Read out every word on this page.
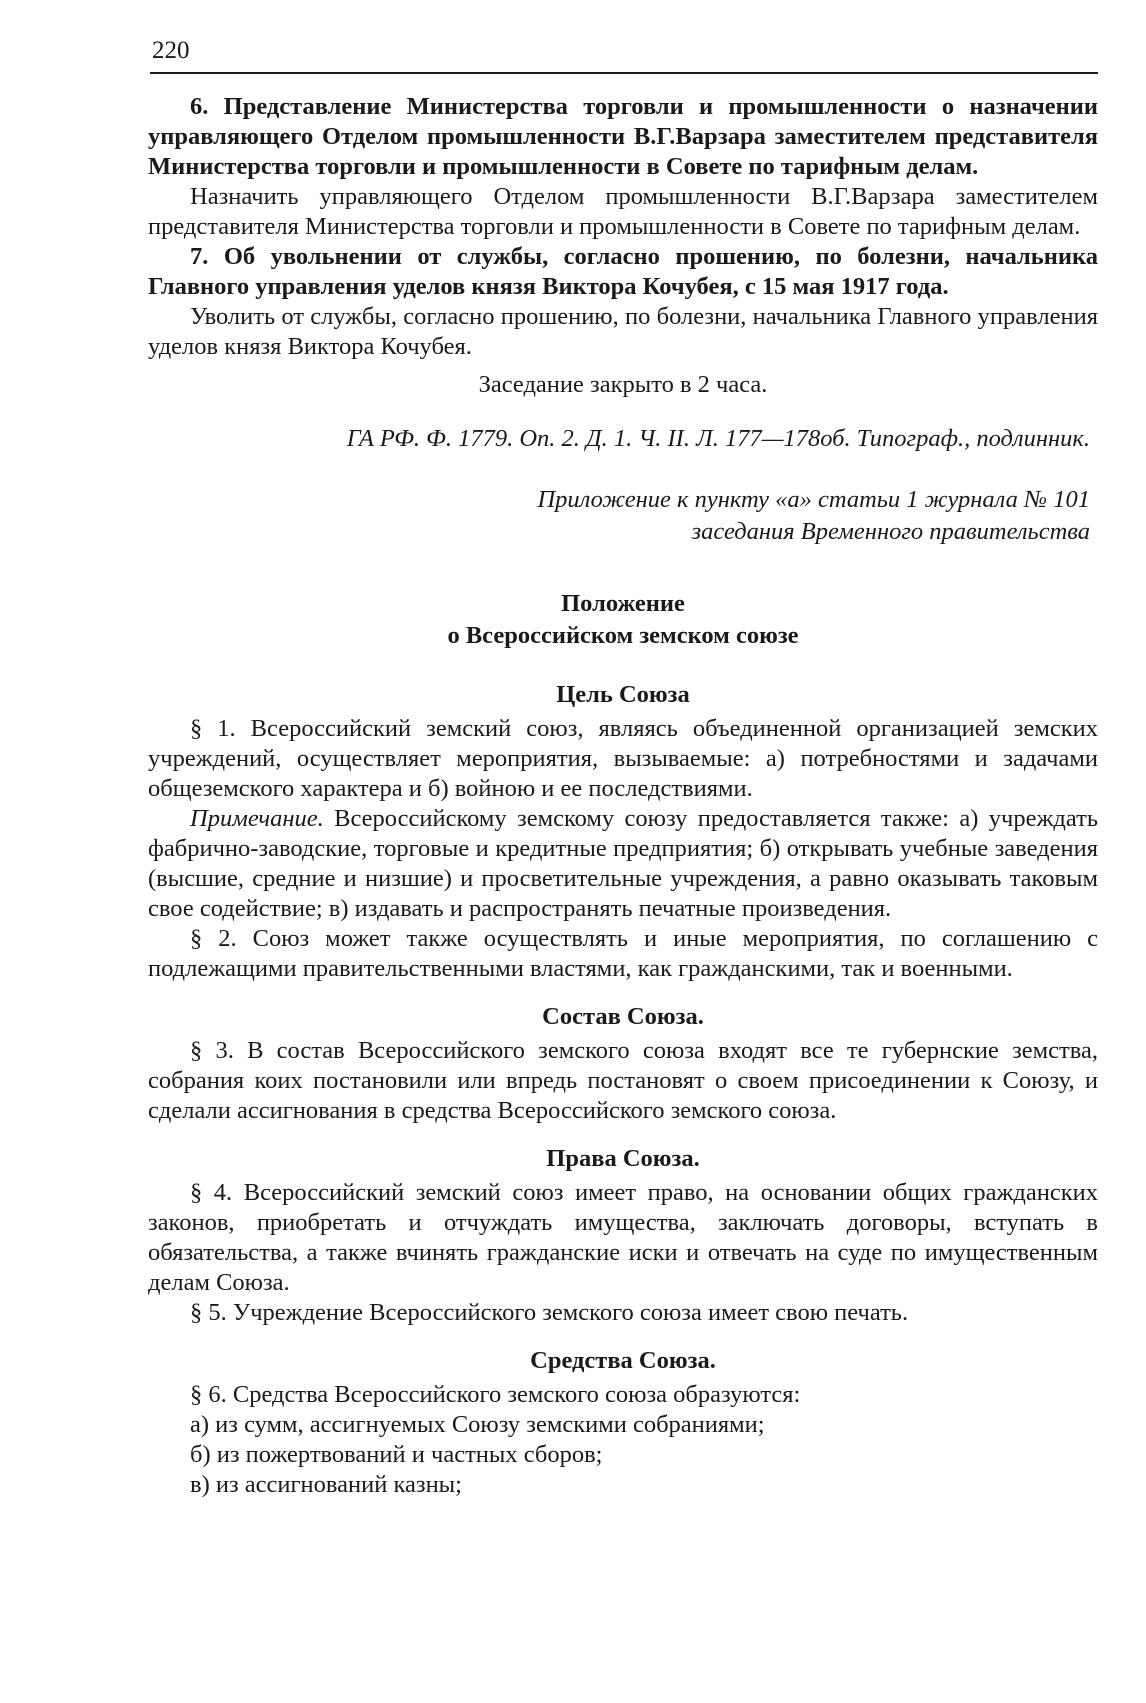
220

6. Представление Министерства торговли и промышленности о назначении управляющего Отделом промышленности В.Г.Варзара заместителем представителя Министерства торговли и промышленности в Совете по тарифным делам.

Назначить управляющего Отделом промышленности В.Г.Варзара заместителем представителя Министерства торговли и промышленности в Совете по тарифным делам.

7. Об увольнении от службы, согласно прошению, по болезни, начальника Главного управления уделов князя Виктора Кочубея, с 15 мая 1917 года.

Уволить от службы, согласно прошению, по болезни, начальника Главного управления уделов князя Виктора Кочубея.

Заседание закрыто в 2 часа.

ГА РФ. Ф. 1779. Оп. 2. Д. 1. Ч. II. Л. 177—178об. Типограф., подлинник.

Приложение к пункту «а» статьи 1 журнала № 101
заседания Временного правительства
Положение
о Всероссийском земском союзе

Цель Союза

§ 1. Всероссийский земский союз, являясь объединенной организацией земских учреждений, осуществляет мероприятия, вызываемые: а) потребностями и задачами общеземского характера и б) войною и ее последствиями.

Примечание. Всероссийскому земскому союзу предоставляется также: а) учреждать фабрично-заводские, торговые и кредитные предприятия; б) открывать учебные заведения (высшие, средние и низшие) и просветительные учреждения, а равно оказывать таковым свое содействие; в) издавать и распространять печатные произведения.

§ 2. Союз может также осуществлять и иные мероприятия, по соглашению с подлежащими правительственными властями, как гражданскими, так и военными.

Состав Союза.

§ 3. В состав Всероссийского земского союза входят все те губернские земства, собрания коих постановили или впредь постановят о своем присоединении к Союзу, и сделали ассигнования в средства Всероссийского земского союза.

Права Союза.

§ 4. Всероссийский земский союз имеет право, на основании общих гражданских законов, приобретать и отчуждать имущества, заключать договоры, вступать в обязательства, а также вчинять гражданские иски и отвечать на суде по имущественным делам Союза.

§ 5. Учреждение Всероссийского земского союза имеет свою печать.

Средства Союза.

§ 6. Средства Всероссийского земского союза образуются:

а) из сумм, ассигнуемых Союзу земскими собраниями;

б) из пожертвований и частных сборов;

в) из ассигнований казны;
